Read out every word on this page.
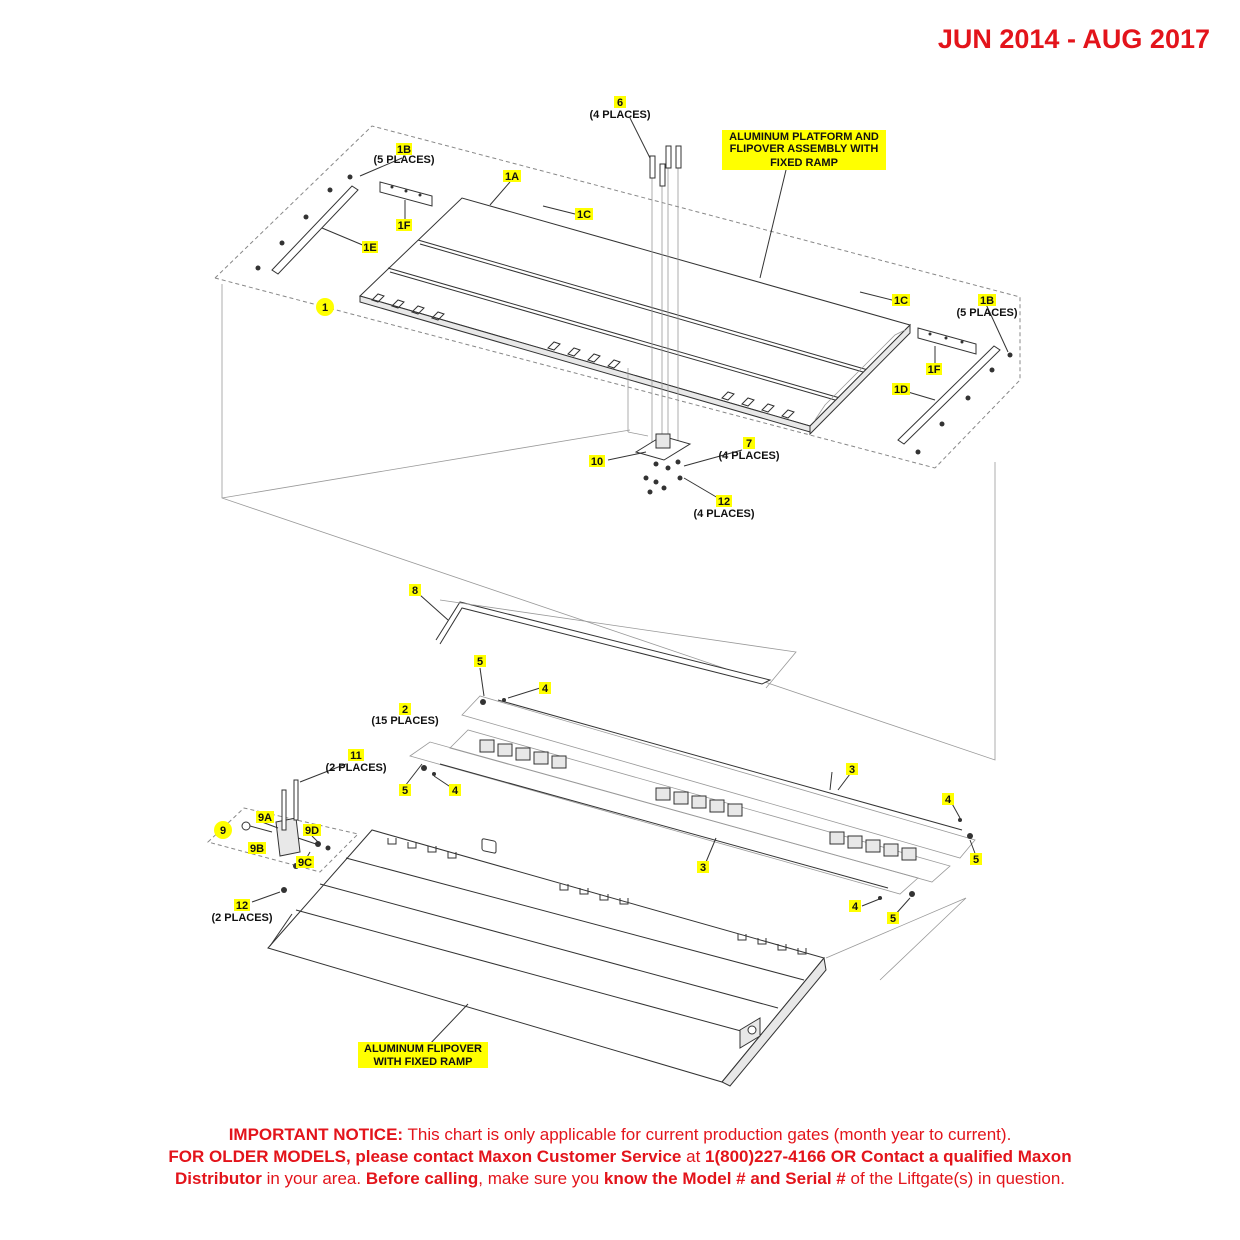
JUN 2014 - AUG 2017
6
(4 PLACES)
ALUMINUM PLATFORM AND
FLIPOVER ASSEMBLY WITH
FIXED RAMP
1B
(5 PLACES)
1A
1C
1F
1E
1
1C	1B
(5 PLACES)
1F
1D
10
7
(4 PLACES)
12
(4 PLACES)
8
5
4
2
(15 PLACES)
11
(2 PLACES)
5	4
3
4
5
3
4
5
9
9A
9D
9B
9C
12
(2 PLACES)
ALUMINUM FLIPOVER
WITH FIXED RAMP
IMPORTANT NOTICE: This chart is only applicable for current production gates (month year to current).
FOR OLDER MODELS, please contact Maxon Customer Service at 1(800)227-4166 OR Contact a qualified Maxon
Distributor in your area. Before calling, make sure you know the Model # and Serial # of the Liftgate(s) in question.
